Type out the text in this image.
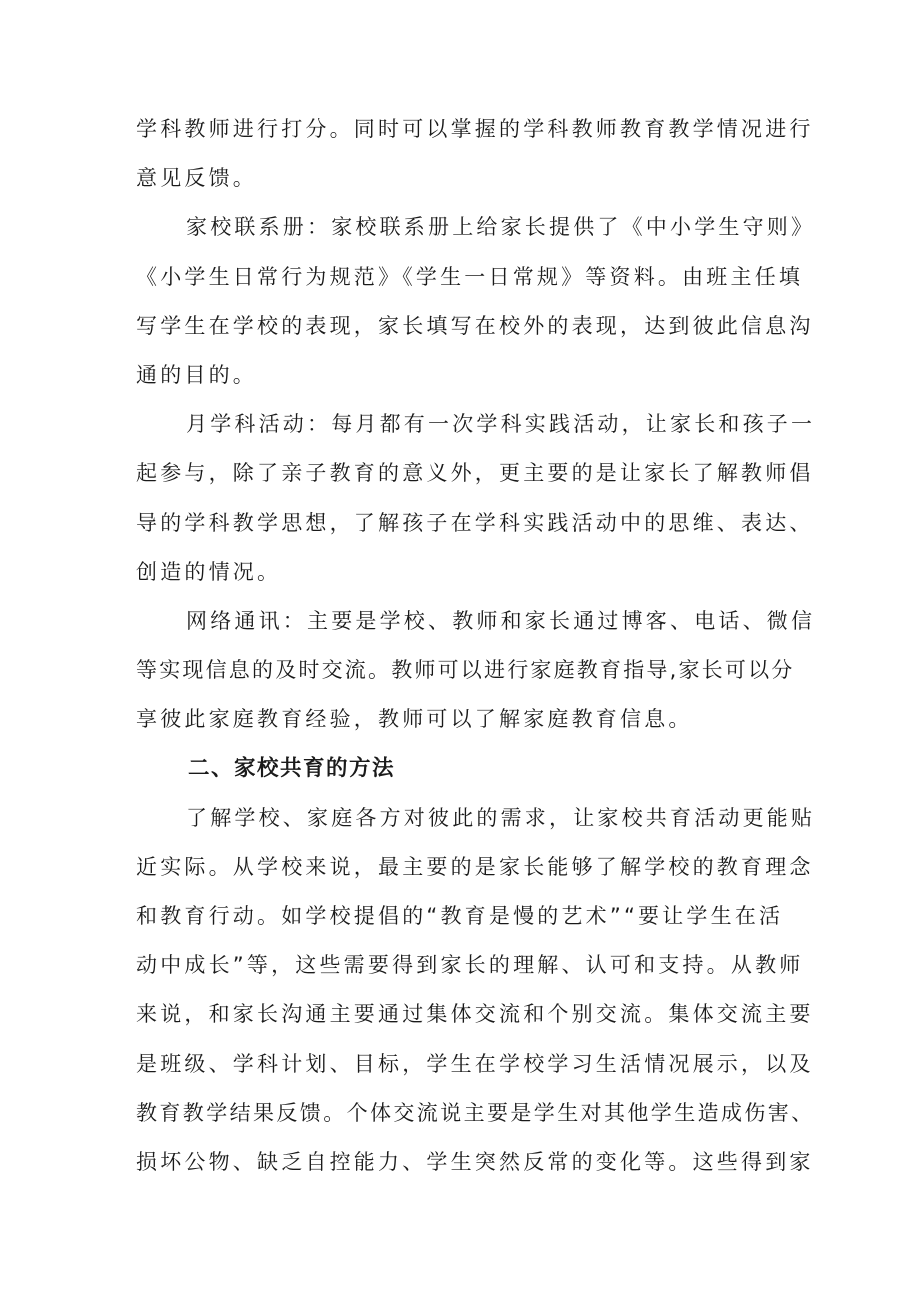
学科教师进行打分。同时可以掌握的学科教师教育教学情况进行
意见反馈。
家校联系册：家校联系册上给家长提供了《中小学生守则》
《小学生日常行为规范》《学生一日常规》等资料。由班主任填
写学生在学校的表现，家长填写在校外的表现，达到彼此信息沟
通的目的。
月学科活动：每月都有一次学科实践活动，让家长和孩子一
起参与，除了亲子教育的意义外，更主要的是让家长了解教师倡
导的学科教学思想，了解孩子在学科实践活动中的思维、表达、
创造的情况。
网络通讯：主要是学校、教师和家长通过博客、电话、微信
等实现信息的及时交流。教师可以进行家庭教育指导,家长可以分
享彼此家庭教育经验，教师可以了解家庭教育信息。
二、家校共育的方法
了解学校、家庭各方对彼此的需求，让家校共育活动更能贴
近实际。从学校来说，最主要的是家长能够了解学校的教育理念
和教育行动。如学校提倡的“教育是慢的艺术”“要让学生在活
动中成长”等，这些需要得到家长的理解、认可和支持。从教师
来说，和家长沟通主要通过集体交流和个别交流。集体交流主要
是班级、学科计划、目标，学生在学校学习生活情况展示，以及
教育教学结果反馈。个体交流说主要是学生对其他学生造成伤害、
损坏公物、缺乏自控能力、学生突然反常的变化等。这些得到家
